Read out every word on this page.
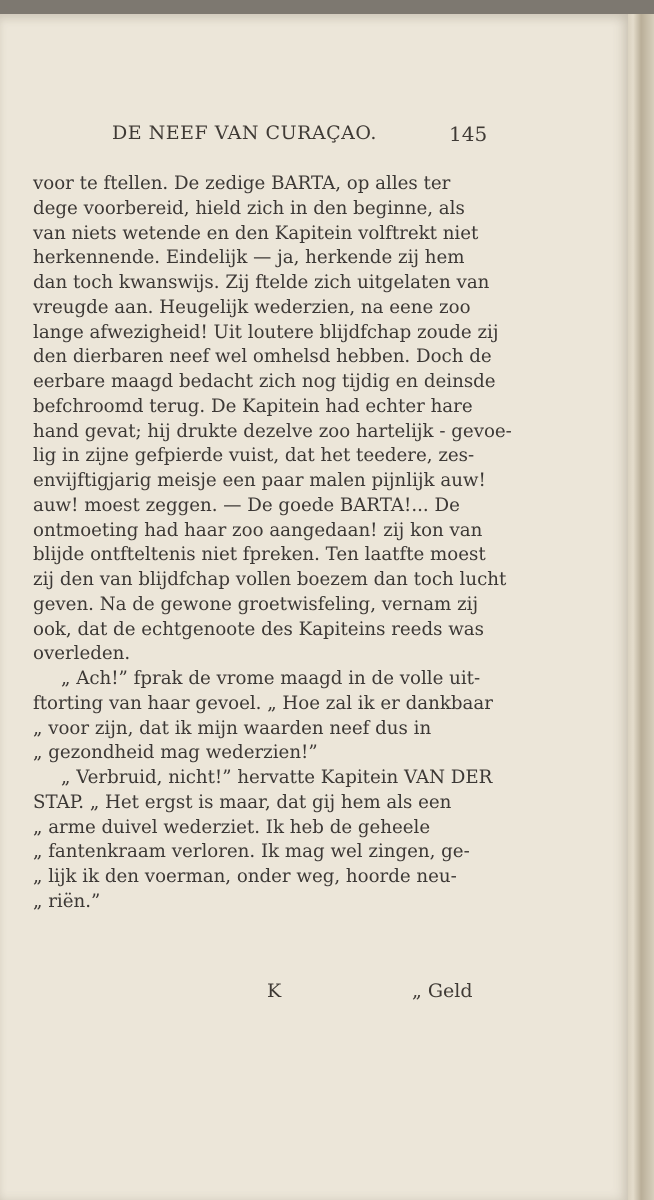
DE NEEF VAN CURAÇAO.	145
voor te ftellen. De zedige BARTA, op alles ter
dege voorbereid, hield zich in den beginne, als
van niets wetende en den Kapitein volftrekt niet
herkennende. Eindelijk — ja, herkende zij hem
dan toch kwanswijs. Zij ftelde zich uitgelaten van
vreugde aan. Heugelijk wederzien, na eene zoo
lange afwezigheid! Uit loutere blijdfchap zoude zij
den dierbaren neef wel omhelsd hebben. Doch de
eerbare maagd bedacht zich nog tijdig en deinsde
befchroomd terug. De Kapitein had echter hare
hand gevat; hij drukte dezelve zoo hartelijk - gevoe-
lig in zijne gefpierde vuist, dat het teedere, zes-
envijftigjarig meisje een paar malen pijnlijk auw!
auw! moest zeggen. — De goede BARTA!... De
ontmoeting had haar zoo aangedaan! zij kon van
blijde ontfteltenis niet fpreken. Ten laatfte moest
zij den van blijdfchap vollen boezem dan toch lucht
geven. Na de gewone groetwisfeling, vernam zij
ook, dat de echtgenoote des Kapiteins reeds was
overleden.
„ Ach!” fprak de vrome maagd in de volle uit-
ftorting van haar gevoel. „ Hoe zal ik er dankbaar
„ voor zijn, dat ik mijn waarden neef dus in
„ gezondheid mag wederzien!”
„ Verbruid, nicht!” hervatte Kapitein VAN DER
STAP. „ Het ergst is maar, dat gij hem als een
„ arme duivel wederziet. Ik heb de geheele
„ fantenkraam verloren. Ik mag wel zingen, ge-
„ lijk ik den voerman, onder weg, hoorde neu-
„ riën.”
K	„ Geld
